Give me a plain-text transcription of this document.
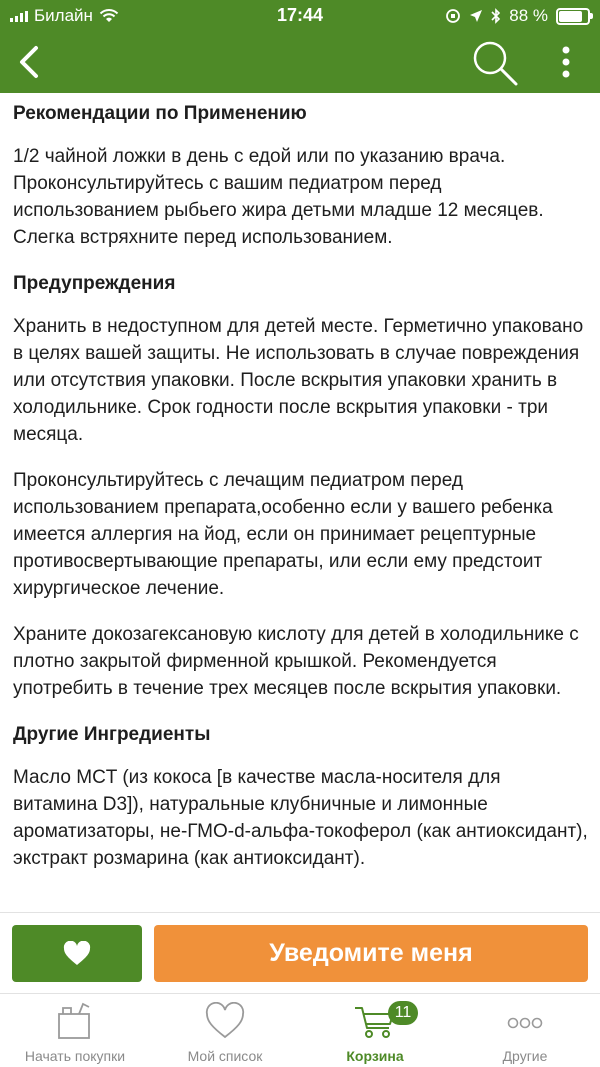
Билайн	17:44	88 %
Рекомендации по Применению

1/2 чайной ложки в день с едой или по указанию врача. Проконсультируйтесь с вашим педиатром перед использованием рыбьего жира детьми младше 12 месяцев. Слегка встряхните перед использованием.

Предупреждения

Хранить в недоступном для детей месте. Герметично упаковано в целях вашей защиты. Не использовать в случае повреждения или отсутствия упаковки. После вскрытия упаковки хранить в холодильнике. Срок годности после вскрытия упаковки - три месяца.

Проконсультируйтесь с лечащим педиатром перед использованием препарата,особенно если у вашего ребенка имеется аллергия на йод, если он принимает рецептурные противосвертывающие препараты, или если ему предстоит хирургическое лечение.

Храните докозагексановую кислоту для детей в холодильнике с плотно закрытой фирменной крышкой. Рекомендуется употребить в течение трех месяцев после вскрытия упаковки.

Другие Ингредиенты

Масло MCT (из кокоса [в качестве масла-носителя для витамина D3]), натуральные клубничные и лимонные ароматизаторы, не-ГМО-d-альфа-токоферол (как антиоксидант), экстракт розмарина (как антиоксидант).

Уведомите меня
Начать покупки	Мой список
11
Корзина	Другие
